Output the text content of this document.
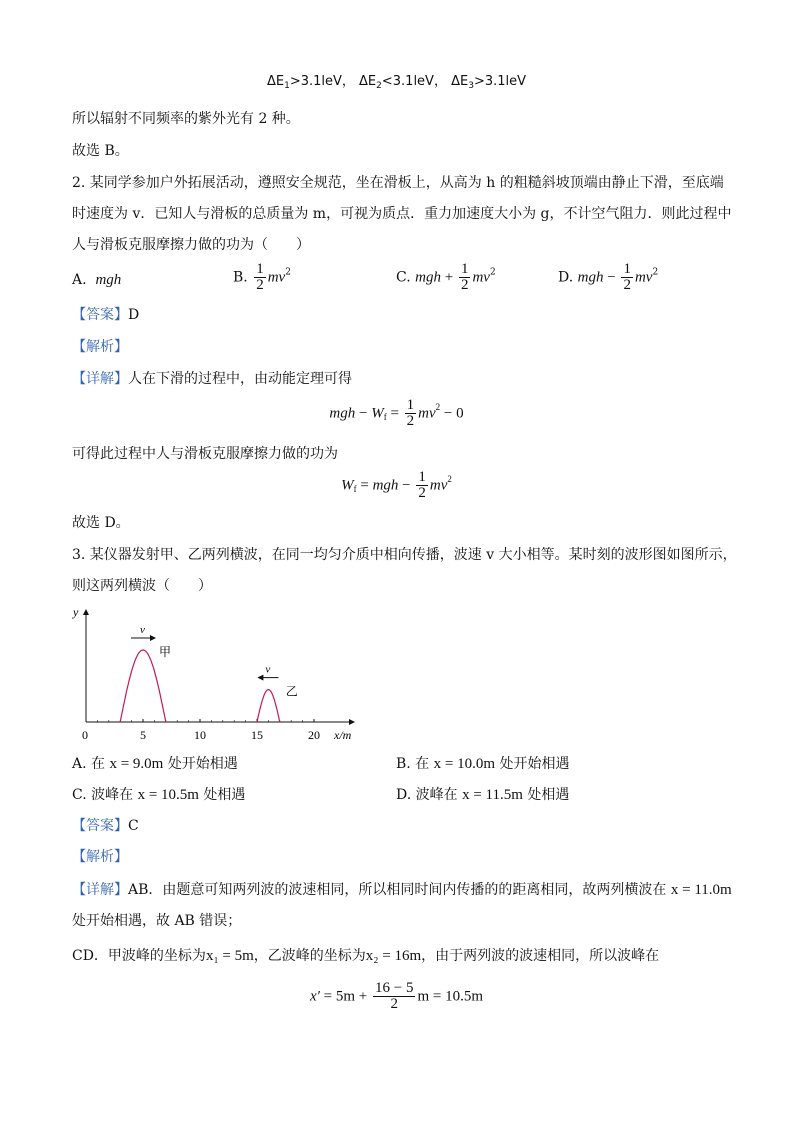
$\Delta E_1>3.1leV$， $\Delta E_2<3.1leV$， $\Delta E_3>3.1leV$
所以辐射不同频率的紫外光有 2 种。
故选 B。
2. 某同学参加户外拓展活动，遵照安全规范，坐在滑板上，从高为 h 的粗糙斜坡顶端由静止下滑，至底端
时速度为 v．已知人与滑板的总质量为 m，可视为质点．重力加速度大小为 g，不计空气阻力．则此过程中
人与滑板克服摩擦力做的功为（　　）
A. mgh	B. $\frac{1}{2} mv^2$	C. mgh + $\frac{1}{2} mv^2$	D. mgh − $\frac{1}{2} mv^2$
【答案】D
【解析】
【详解】人在下滑的过程中，由动能定理可得
mgh − $W_f = \frac{1}{2} mv^2 - 0$
可得此过程中人与滑板克服摩擦力做的功为
$W_f$ = mgh − $\frac{1}{2} mv^2$
故选 D。
3. 某仪器发射甲、乙两列横波，在同一均匀介质中相向传播，波速 v 大小相等。某时刻的波形图如图所示，
则这两列横波（　　）
y
x/m
0	5	10	15	20
v
甲
v
乙
A. 在 x = 9.0m 处开始相遇	B. 在 x = 10.0m 处开始相遇
C. 波峰在 x = 10.5m 处相遇	D. 波峰在 x = 11.5m 处相遇
【答案】C
【解析】
【详解】AB．由题意可知两列波的波速相同，所以相同时间内传播的的距离相同，故两列横波在 x = 11.0m
处开始相遇，故 AB 错误；
CD．甲波峰的坐标为x₁ = 5m，乙波峰的坐标为x₂ = 16m，由于两列波的波速相同，所以波峰在
$x' = 5m + \frac{16 - 5}{2}$ m = 10.5m
